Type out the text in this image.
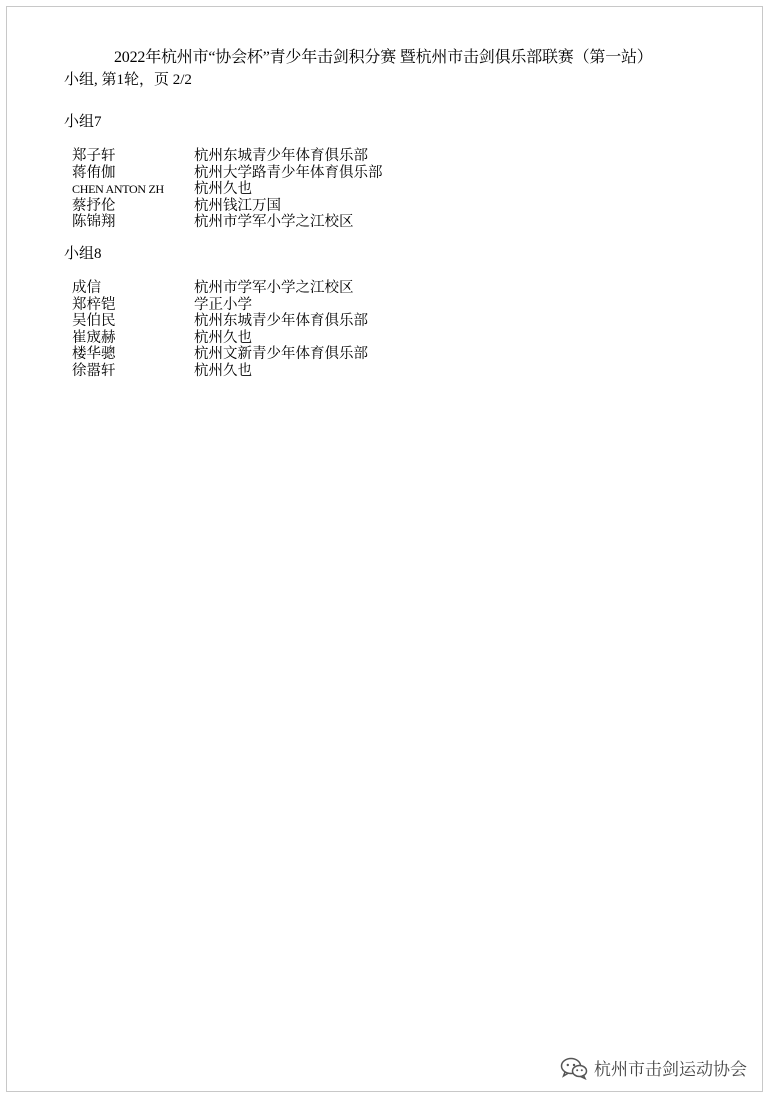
2022年杭州市“协会杯”青少年击剑积分赛 暨杭州市击剑俱乐部联赛（第一站）
小组, 第1轮，页 2/2
小组7
郑子轩	杭州东城青少年体育俱乐部
蒋侑伽	杭州大学路青少年体育俱乐部
CHEN ANTON ZH 杭州久也
蔡抒伦	杭州钱江万国
陈锦翔	杭州市学军小学之江校区
小组8
成信	杭州市学军小学之江校区
郑梓铠	学正小学
吴伯民	杭州东城青少年体育俱乐部
崔宬赫	杭州久也
楼华骢	杭州文新青少年体育俱乐部
徐嚣轩	杭州久也
杭州市击剑运动协会
